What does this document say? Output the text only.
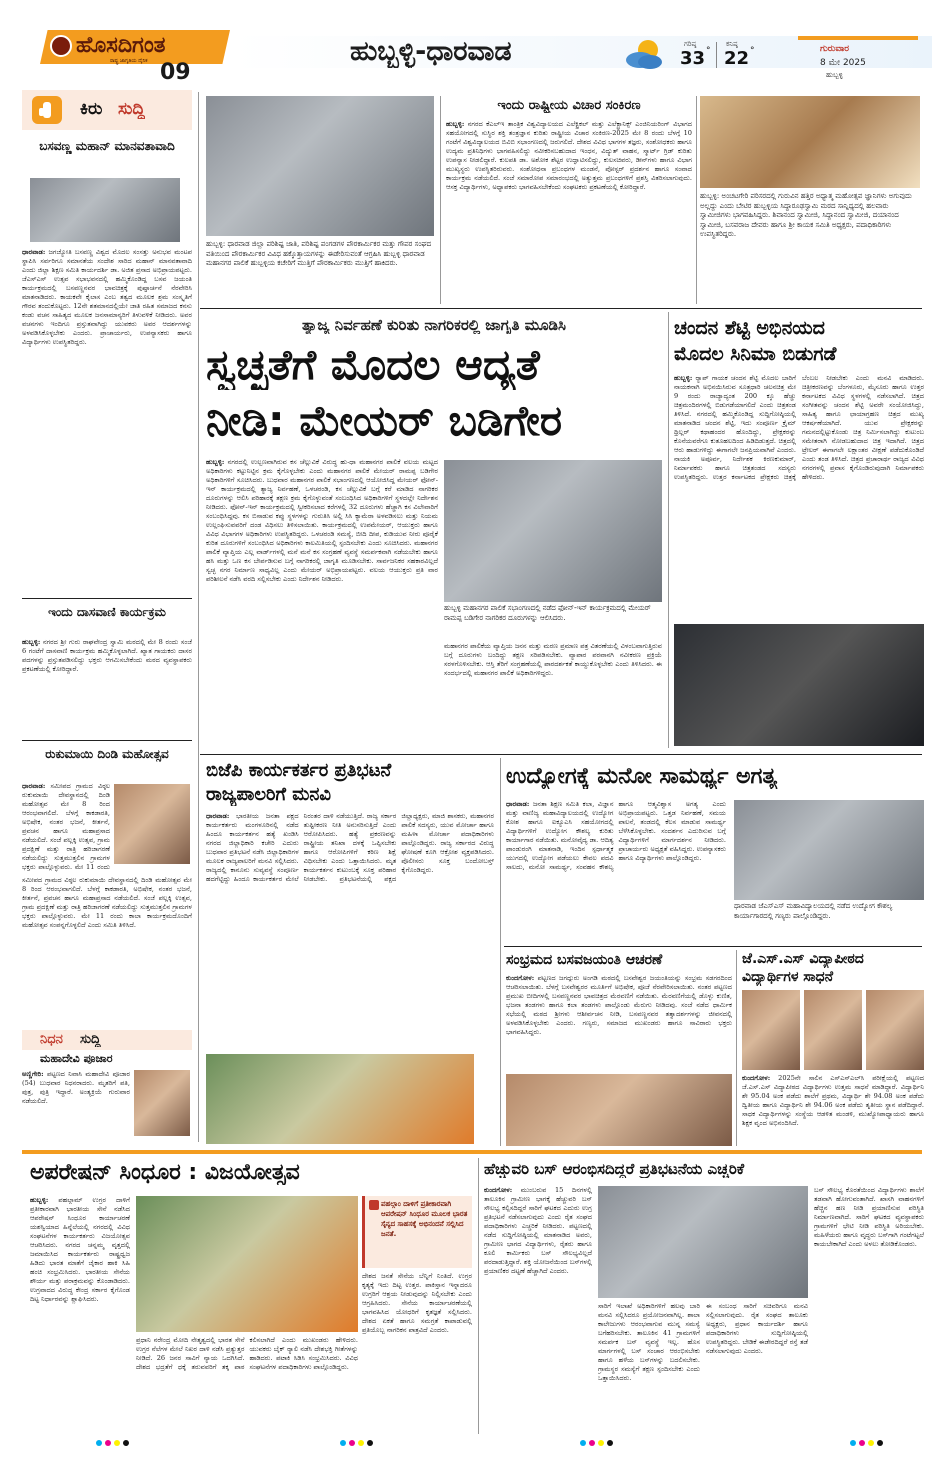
ಹೊಸದಿಗಂತ
ರಾಷ್ಟ್ರ ಜಾಗೃತಿಯ ದೈನಿಕ 09
ಹುಬ್ಬಳ್ಳಿ-ಧಾರವಾಡ	ಗರಿಷ್ಠ
33 °
ಕನಿಷ್ಠ
22 °	ಗುರುವಾರ
8 ಮೇ 2025
ಹುಬ್ಬಳ್ಳಿ
ಕಿರು ಸುದ್ದಿ
ಬಸವಣ್ಣ ಮಹಾನ್ ಮಾನವತಾವಾದಿ
ಧಾರವಾಡ: ಜಗಜ್ಯೋತಿ ಬಸವಣ್ಣ ವಿಶ್ವದ ಮೊದಲ ಸಂಸತ್ತು ಅನುಭವ ಮಂಟಪ ಸ್ಥಾಪಿಸಿ ಸರ್ವರಿಗೂ ಸಮಾನತೆಯ ಸಂದೇಶ ಸಾರಿದ ಮಹಾನ್ ಮಾನವತಾವಾದಿ ಎಂದು ಜಿಲ್ಲಾ ಶಿಕ್ಷಣ ಸಮಿತಿ ಕಾರ್ಯದರ್ಶಿ ಡಾ. ಅಜಿತ ಪ್ರಸಾದ ಅಭಿಪ್ರಾಯಪಟ್ಟರು. ಜೆಎಸ್ಎಸ್ ಉತ್ಸವ ಸಭಾಭವನದಲ್ಲಿ ಹಮ್ಮಿಕೊಂಡಿದ್ದ ಬಸವ ಜಯಂತಿ ಕಾರ್ಯಕ್ರಮದಲ್ಲಿ ಬಸವಣ್ಣನವರ ಭಾವಚಿತ್ರಕ್ಕೆ ಪುಷ್ಪಾರ್ಚನೆ ನೆರವೇರಿಸಿ ಮಾತನಾಡಿದರು. ಕಾಯಕವೇ ಕೈಲಾಸ ಎಂಬ ತತ್ವದ ಮೂಲಕ ಶ್ರಮ ಸಂಸ್ಕೃತಿಗೆ ಗೌರವ ತಂದುಕೊಟ್ಟರು. 12ನೇ ಶತಮಾನದಲ್ಲಿಯೇ ಜಾತಿ ರಹಿತ ಸಮಾಜದ ಕನಸು ಕಂಡು ವಚನ ಸಾಹಿತ್ಯದ ಮೂಲಕ ಜನಸಾಮಾನ್ಯರಿಗೆ ತಿಳುವಳಿಕೆ ನೀಡಿದರು. ಅವರ ವಚನಗಳು ಇಂದಿಗೂ ಪ್ರಸ್ತುತವಾಗಿದ್ದು ಯುವಕರು ಅವರ ಆದರ್ಶಗಳನ್ನು ಅಳವಡಿಸಿಕೊಳ್ಳಬೇಕು ಎಂದರು. ಪ್ರಾಚಾರ್ಯರು, ಉಪನ್ಯಾಸಕರು ಹಾಗೂ ವಿದ್ಯಾರ್ಥಿಗಳು ಉಪಸ್ಥಿತರಿದ್ದರು.
ಇಂದು ದಾಸವಾಣಿ ಕಾರ್ಯಕ್ರಮ
ಹುಬ್ಬಳ್ಳಿ: ನಗರದ ಶ್ರೀ ಗುರು ರಾಘವೇಂದ್ರ ಸ್ವಾಮಿ ಮಠದಲ್ಲಿ ಮೇ 8 ರಂದು ಸಂಜೆ 6 ಗಂಟೆಗೆ ದಾಸವಾಣಿ ಕಾರ್ಯಕ್ರಮ ಹಮ್ಮಿಕೊಳ್ಳಲಾಗಿದೆ. ಖ್ಯಾತ ಗಾಯಕರು ದಾಸರ ಪದಗಳನ್ನು ಪ್ರಸ್ತುತಪಡಿಸಲಿದ್ದು ಭಕ್ತರು ಆಗಮಿಸಬೇಕೆಂದು ಮಠದ ವ್ಯವಸ್ಥಾಪಕರು ಪ್ರಕಟಣೆಯಲ್ಲಿ ಕೋರಿದ್ದಾರೆ.
ರುಕುಮಾಯಿ ದಿಂಡಿ ಮಹೋತ್ಸವ
ಧಾರವಾಡ: ಸಮೀಪದ ಗ್ರಾಮದ ವಿಠ್ಠಲ ರುಕುಮಾಯಿ ದೇವಸ್ಥಾನದಲ್ಲಿ ದಿಂಡಿ ಮಹೋತ್ಸವ ಮೇ 8 ರಿಂದ ಆರಂಭವಾಗಲಿದೆ. ಬೆಳಗ್ಗೆ ಕಾಕಡಾರತಿ, ಅಭಿಷೇಕ, ನಂತರ ಭಜನೆ, ಕೀರ್ತನೆ, ಪ್ರವಚನ ಹಾಗೂ ಮಹಾಪ್ರಸಾದ ನಡೆಯಲಿದೆ. ಸಂಜೆ ಪಲ್ಲಕ್ಕಿ ಉತ್ಸವ, ಗ್ರಾಮ ಪ್ರದಕ್ಷಿಣೆ ಮತ್ತು ರಾತ್ರಿ ಹರಿಜಾಗರಣೆ ನಡೆಯಲಿದ್ದು ಸುತ್ತಮುತ್ತಲಿನ ಗ್ರಾಮಗಳ ಭಕ್ತರು ಪಾಲ್ಗೊಳ್ಳುವರು. ಮೇ 11 ರಂದು
ಸಮೀಪದ ಗ್ರಾಮದ ವಿಠ್ಠಲ ರುಕುಮಾಯಿ ದೇವಸ್ಥಾನದಲ್ಲಿ ದಿಂಡಿ ಮಹೋತ್ಸವ ಮೇ 8 ರಿಂದ ಆರಂಭವಾಗಲಿದೆ. ಬೆಳಗ್ಗೆ ಕಾಕಡಾರತಿ, ಅಭಿಷೇಕ, ನಂತರ ಭಜನೆ, ಕೀರ್ತನೆ, ಪ್ರವಚನ ಹಾಗೂ ಮಹಾಪ್ರಸಾದ ನಡೆಯಲಿದೆ. ಸಂಜೆ ಪಲ್ಲಕ್ಕಿ ಉತ್ಸವ, ಗ್ರಾಮ ಪ್ರದಕ್ಷಿಣೆ ಮತ್ತು ರಾತ್ರಿ ಹರಿಜಾಗರಣೆ ನಡೆಯಲಿದ್ದು ಸುತ್ತಮುತ್ತಲಿನ ಗ್ರಾಮಗಳ ಭಕ್ತರು ಪಾಲ್ಗೊಳ್ಳುವರು. ಮೇ 11 ರಂದು ಕಾಲಾ ಕಾರ್ಯಕ್ರಮದೊಂದಿಗೆ ಮಹೋತ್ಸವ ಸಂಪನ್ನಗೊಳ್ಳಲಿದೆ ಎಂದು ಸಮಿತಿ ತಿಳಿಸಿದೆ.
ನಿಧನ ಸುದ್ದಿ
ಮಹಾದೇವಿ ಪೂಜಾರ
ಅಣ್ಣಿಗೇರಿ: ಪಟ್ಟಣದ ನಿವಾಸಿ ಮಹಾದೇವಿ ಪೂಜಾರ (54) ಬುಧವಾರ ನಿಧನರಾದರು. ಮೃತರಿಗೆ ಪತಿ, ಪುತ್ರ, ಪುತ್ರಿ ಇದ್ದಾರೆ. ಅಂತ್ಯಕ್ರಿಯೆ ಗುರುವಾರ ನಡೆಯಲಿದೆ.
ಹುಬ್ಬಳ್ಳಿ: ಧಾರವಾಡ ಜಿಲ್ಲಾ ಪರಿಶಿಷ್ಟ ಜಾತಿ, ಪರಿಶಿಷ್ಟ ಪಂಗಡಗಳ ಪೌರಕಾರ್ಮಿಕರ ಮತ್ತು ಗೌಪರ ಸಂಘದ ವತಿಯಿಂದ ಪೌರಕಾರ್ಮಿಕರ ವಿವಿಧ ಹಕ್ಕೊತ್ತಾಯಗಳನ್ನು ಈಡೇರಿಸುವಂತೆ ಆಗ್ರಹಿಸಿ ಹುಬ್ಬಳ್ಳಿ ಧಾರವಾಡ ಮಹಾನಗರ ಪಾಲಿಕೆ ಹುಬ್ಬಳ್ಳಿಯ ಕಚೇರಿಗೆ ಮುತ್ತಿಗೆ ಪೌರಕಾರ್ಮಿಕರು ಮುತ್ತಿಗೆ ಹಾಕಿದರು.
ಇಂದು ರಾಷ್ಟ್ರೀಯ ವಿಚಾರ ಸಂಕಿರಣ
ಹುಬ್ಬಳ್ಳಿ: ನಗರದ ಕೆಎಲ್ಇ ತಾಂತ್ರಿಕ ವಿಶ್ವವಿದ್ಯಾಲಯದ ಎಲೆಕ್ಟ್ರಿಕಲ್ ಮತ್ತು ಎಲೆಕ್ಟ್ರಾನಿಕ್ಸ್ ಎಂಜಿನಿಯರಿಂಗ್ ವಿಭಾಗದ ಸಹಯೋಗದಲ್ಲಿ ಸುಸ್ಥಿರ ಶಕ್ತಿ ತಂತ್ರಜ್ಞಾನ ಕುರಿತು ರಾಷ್ಟ್ರೀಯ ವಿಚಾರ ಸಂಕಿರಣ-2025 ಮೇ 8 ರಂದು ಬೆಳಗ್ಗೆ 10 ಗಂಟೆಗೆ ವಿಶ್ವವಿದ್ಯಾಲಯದ ಬಿವಿಬಿ ಸಭಾಂಗಣದಲ್ಲಿ ಜರುಗಲಿದೆ. ದೇಶದ ವಿವಿಧ ಭಾಗಗಳ ತಜ್ಞರು, ಸಂಶೋಧಕರು ಹಾಗೂ ಉದ್ಯಮ ಪ್ರತಿನಿಧಿಗಳು ಭಾಗವಹಿಸಲಿದ್ದು ನವೀಕರಿಸಬಹುದಾದ ಇಂಧನ, ವಿದ್ಯುತ್ ವಾಹನ, ಸ್ಮಾರ್ಟ್ ಗ್ರಿಡ್ ಕುರಿತು ಉಪನ್ಯಾಸ ನೀಡಲಿದ್ದಾರೆ. ಕುಲಪತಿ ಡಾ. ಅಶೋಕ ಶೆಟ್ಟರ ಉದ್ಘಾಟಿಸಲಿದ್ದು, ಕುಲಸಚಿವರು, ಡೀನ್‌ಗಳು ಹಾಗೂ ವಿಭಾಗ ಮುಖ್ಯಸ್ಥರು ಉಪಸ್ಥಿತರಿರುವರು. ಸಂಶೋಧನಾ ಪ್ರಬಂಧಗಳ ಮಂಡನೆ, ಪೋಸ್ಟರ್ ಪ್ರದರ್ಶನ ಹಾಗೂ ಸಂವಾದ ಕಾರ್ಯಕ್ರಮ ನಡೆಯಲಿದೆ. ಸಂಜೆ ಸಮಾರೋಪ ಸಮಾರಂಭದಲ್ಲಿ ಅತ್ಯುತ್ತಮ ಪ್ರಬಂಧಗಳಿಗೆ ಪ್ರಶಸ್ತಿ ವಿತರಿಸಲಾಗುವುದು. ಆಸಕ್ತ ವಿದ್ಯಾರ್ಥಿಗಳು, ಅಧ್ಯಾಪಕರು ಭಾಗವಹಿಸಬೇಕೆಂದು ಸಂಘಟಕರು ಪ್ರಕಟಣೆಯಲ್ಲಿ ಕೋರಿದ್ದಾರೆ.
ಹುಬ್ಬಳ್ಳಿ: ಅಂಚಟಗೇರಿ ಪರಿಸರದಲ್ಲಿ ಗುರುವಿನ ಹತ್ತಿರ ಅಧ್ಯಾತ್ಮ ಮಹೋತ್ಸವ ಜ್ಞಾನಿಗಳು ಅಗುವುದು ಅಲ್ಲದ್ದು ಎಂದು ಬೇಟಿರ ಹುಬ್ಬಳ್ಳಿಯ ಸಿದ್ಧಾರೂಢಸ್ವಾಮಿ ಮಠದ ಸಾನ್ನಿಧ್ಯದಲ್ಲಿ ಹಲವಾರು ಸ್ವಾಮೀಜಿಗಳು ಭಾಗವಹಿಸಿದ್ದರು. ಶಿವಾನಂದ ಸ್ವಾಮೀಜಿ, ಸಿದ್ದಾನಂದ ಸ್ವಾಮೀಜಿ, ದಯಾನಂದ ಸ್ವಾಮೀಜಿ, ಬಸವರಾಜ ದೇವರು ಹಾಗೂ ಶ್ರೀ ಕಾಯಕ ಸಮಿತಿ ಅಧ್ಯಕ್ಷರು, ಪದಾಧಿಕಾರಿಗಳು ಉಪಸ್ಥಿತರಿದ್ದರು.
ತ್ಯಾಜ್ಯ ನಿರ್ವಹಣೆ ಕುರಿತು ನಾಗರಿಕರಲ್ಲಿ ಜಾಗೃತಿ ಮೂಡಿಸಿ
ಸ್ವಚ್ಛತೆಗೆ ಮೊದಲ ಆದ್ಯತೆ
ನೀಡಿ: ಮೇಯರ್ ಬಡಿಗೇರ
ಹುಬ್ಬಳ್ಳಿ: ನಗರದಲ್ಲಿ ಉಲ್ಬಣವಾಗಿರುವ ಕಸ ಚೆಲ್ಲುವಿಕೆ ವಿರುದ್ಧ ಹು-ಧಾ ಮಹಾನಗರ ಪಾಲಿಕೆ ವಲಯ ಮಟ್ಟದ ಅಧಿಕಾರಿಗಳು ಕಟ್ಟುನಿಟ್ಟಿನ ಕ್ರಮ ಕೈಗೊಳ್ಳಬೇಕು ಎಂದು ಮಹಾನಗರ ಪಾಲಿಕೆ ಮೇಯರ್ ರಾಮಪ್ಪ ಬಡಿಗೇರ ಅಧಿಕಾರಿಗಳಿಗೆ ಸೂಚಿಸಿದರು. ಬುಧವಾರ ಮಹಾನಗರ ಪಾಲಿಕೆ ಸಭಾಂಗಣದಲ್ಲಿ ಆಯೋಜಿಸಿದ್ದ ಮೇಯರ್ ಫೋನ್-ಇನ್ ಕಾರ್ಯಕ್ರಮದಲ್ಲಿ ತ್ಯಾಜ್ಯ ನಿರ್ವಹಣೆ, ಒಳಚರಂಡಿ, ಕಸ ಚೆಲ್ಲುವಿಕೆ ಬಗ್ಗೆ ಕರೆ ಮಾಡಿದ ನಾಗರಿಕರ ದೂರುಗಳನ್ನು ಆಲಿಸಿ ಪರಿಹಾರಕ್ಕೆ ತಕ್ಷಣ ಕ್ರಮ ಕೈಗೊಳ್ಳುವಂತೆ ಸಂಬಂಧಿಸಿದ ಅಧಿಕಾರಿಗಳಿಗೆ ಸ್ಥಳದಲ್ಲೇ ನಿರ್ದೇಶನ ನೀಡಿದರು. ಫೋನ್-ಇನ್ ಕಾರ್ಯಕ್ರಮದಲ್ಲಿ ಸ್ವೀಕರಿಸಲಾದ ಕರೆಗಳಲ್ಲಿ 32 ದೂರುಗಳು ಹೆಚ್ಚಾಗಿ ಕಸ ವಿಲೇವಾರಿಗೆ ಸಂಬಂಧಿಸಿದ್ದವು. ಕಸ ಬಿಸಾಡುವ ಕಪ್ಪು ಸ್ಥಳಗಳನ್ನು ಗುರುತಿಸಿ ಅಲ್ಲಿ ಸಿಸಿ ಕ್ಯಾಮೆರಾ ಅಳವಡಿಸಲು ಮತ್ತು ನಿಯಮ ಉಲ್ಲಂಘಿಸುವವರಿಗೆ ದಂಡ ವಿಧಿಸಲು ತಿಳಿಸಲಾಯಿತು. ಕಾರ್ಯಕ್ರಮದಲ್ಲಿ ಉಪಮೇಯರ್, ಆಯುಕ್ತರು ಹಾಗೂ ವಿವಿಧ ವಿಭಾಗಗಳ ಅಧಿಕಾರಿಗಳು ಉಪಸ್ಥಿತರಿದ್ದರು. ಒಳಚರಂಡಿ ಸಮಸ್ಯೆ, ಬೀದಿ ದೀಪ, ಕುಡಿಯುವ ನೀರು ಪೂರೈಕೆ ಕುರಿತ ದೂರುಗಳಿಗೆ ಸಂಬಂಧಿಸಿದ ಅಧಿಕಾರಿಗಳು ಕಾಲಮಿತಿಯಲ್ಲಿ ಸ್ಪಂದಿಸಬೇಕು ಎಂದು ಸೂಚಿಸಿದರು. ಮಹಾನಗರ ಪಾಲಿಕೆ ವ್ಯಾಪ್ತಿಯ ಎಲ್ಲ ವಾರ್ಡ್‌ಗಳಲ್ಲಿ ಮನೆ ಮನೆ ಕಸ ಸಂಗ್ರಹಣೆ ವ್ಯವಸ್ಥೆ ಸಮರ್ಪಕವಾಗಿ ನಡೆಯಬೇಕು ಹಾಗೂ ಹಸಿ ಮತ್ತು ಒಣ ಕಸ ಬೇರ್ಪಡಿಸುವ ಬಗ್ಗೆ ನಾಗರಿಕರಲ್ಲಿ ಜಾಗೃತಿ ಮೂಡಿಸಬೇಕು. ಸಾರ್ವಜನಿಕರ ಸಹಕಾರವಿಲ್ಲದೆ ಸ್ವಚ್ಛ ನಗರ ನಿರ್ಮಾಣ ಸಾಧ್ಯವಿಲ್ಲ ಎಂದು ಮೇಯರ್ ಅಭಿಪ್ರಾಯಪಟ್ಟರು. ವಲಯ ಆಯುಕ್ತರು ಪ್ರತಿ ವಾರ ಪರಿಶೀಲನೆ ನಡೆಸಿ ವರದಿ ಸಲ್ಲಿಸಬೇಕು ಎಂದು ನಿರ್ದೇಶನ ನೀಡಿದರು.
ಹುಬ್ಬಳ್ಳಿ ಮಹಾನಗರ ಪಾಲಿಕೆ ಸಭಾಂಗಣದಲ್ಲಿ ನಡೆದ ಫೋನ್-ಇನ್ ಕಾರ್ಯಕ್ರಮದಲ್ಲಿ ಮೇಯರ್ ರಾಮಪ್ಪ ಬಡಿಗೇರ ನಾಗರಿಕರ ದೂರುಗಳನ್ನು ಆಲಿಸಿದರು.
ಮಹಾನಗರ ಪಾಲಿಕೆಯ ವ್ಯಾಪ್ತಿಯ ಜನನ ಮತ್ತು ಮರಣ ಪ್ರಮಾಣ ಪತ್ರ ವಿತರಣೆಯಲ್ಲಿ ವಿಳಂಬವಾಗುತ್ತಿರುವ ಬಗ್ಗೆ ದೂರುಗಳು ಬಂದಿದ್ದು ತಕ್ಷಣ ಸರಿಪಡಿಸಬೇಕು. ವ್ಯಾಪಾರ ಪರವಾನಗಿ ನವೀಕರಣ ಪ್ರಕ್ರಿಯೆ ಸರಳಗೊಳಿಸಬೇಕು. ಆಸ್ತಿ ತೆರಿಗೆ ಸಂಗ್ರಹಣೆಯಲ್ಲಿ ಪಾರದರ್ಶಕತೆ ಕಾಯ್ದುಕೊಳ್ಳಬೇಕು ಎಂದು ತಿಳಿಸಿದರು. ಈ ಸಂದರ್ಭದಲ್ಲಿ ಮಹಾನಗರ ಪಾಲಿಕೆ ಅಧಿಕಾರಿಗಳಿದ್ದರು.
ಚಂದನ ಶೆಟ್ಟಿ ಅಭಿನಯದ
ಮೊದಲ ಸಿನಿಮಾ ಬಿಡುಗಡೆ
ಹುಬ್ಬಳ್ಳಿ: ರ‍್ಯಾಪ್ ಗಾಯಕ ಚಂದನ ಶೆಟ್ಟಿ ಮೊದಲ ಬಾರಿಗೆ ನಾಯಕನಾಗಿ ಅಭಿನಯಿಸಿರುವ ಸೂತ್ರಧಾರಿ ಚಲನಚಿತ್ರ ಮೇ 9 ರಂದು ರಾಜ್ಯಾದ್ಯಂತ 200 ಕ್ಕೂ ಹೆಚ್ಚು ಚಿತ್ರಮಂದಿರಗಳಲ್ಲಿ ಬಿಡುಗಡೆಯಾಗಲಿದೆ ಎಂದು ಚಿತ್ರತಂಡ ತಿಳಿಸಿದೆ. ನಗರದಲ್ಲಿ ಹಮ್ಮಿಕೊಂಡಿದ್ದ ಸುದ್ದಿಗೋಷ್ಠಿಯಲ್ಲಿ ಮಾತನಾಡಿದ ಚಂದನ ಶೆಟ್ಟಿ, ಇದು ಸಂಪೂರ್ಣ ಕ್ರೈಮ್ ಥ್ರಿಲ್ಲರ್ ಕಥಾಹಂದರ ಹೊಂದಿದ್ದು, ಪ್ರೇಕ್ಷಕರನ್ನು ಕೊನೆಯವರೆಗೂ ಕುತೂಹಲದಿಂದ ಹಿಡಿದಿಡುತ್ತದೆ. ಚಿತ್ರದಲ್ಲಿ ಆರು ಹಾಡುಗಳಿದ್ದು ಈಗಾಗಲೇ ಜನಪ್ರಿಯವಾಗಿವೆ ಎಂದರು. ನಾಯಕಿ ಅಪೂರ್ವ, ನಿರ್ದೇಶಕ ಕಿರಣಕುಮಾರ್, ನಿರ್ಮಾಪಕರು ಹಾಗೂ ಚಿತ್ರತಂಡದ ಸದಸ್ಯರು ಉಪಸ್ಥಿತರಿದ್ದರು. ಉತ್ತರ ಕರ್ನಾಟಕದ ಪ್ರೇಕ್ಷಕರು ಚಿತ್ರಕ್ಕೆ ಬೆಂಬಲ ನೀಡಬೇಕು ಎಂದು ಮನವಿ ಮಾಡಿದರು. ಚಿತ್ರೀಕರಣವನ್ನು ಬೆಂಗಳೂರು, ಮೈಸೂರು ಹಾಗೂ ಉತ್ತರ ಕರ್ನಾಟಕದ ವಿವಿಧ ಸ್ಥಳಗಳಲ್ಲಿ ನಡೆಸಲಾಗಿದೆ. ಚಿತ್ರದ ಸಂಗೀತವನ್ನು ಚಂದನ ಶೆಟ್ಟಿ ಅವರೇ ಸಂಯೋಜಿಸಿದ್ದು, ಸಾಹಿತ್ಯ ಹಾಗೂ ಛಾಯಾಗ್ರಹಣ ಚಿತ್ರದ ಮುಖ್ಯ ಆಕರ್ಷಣೆಯಾಗಿದೆ. ಯುವ ಪ್ರೇಕ್ಷಕರನ್ನು ಗಮನದಲ್ಲಿಟ್ಟುಕೊಂಡು ಚಿತ್ರ ನಿರ್ಮಿಸಲಾಗಿದ್ದು ಕುಟುಂಬ ಸಮೇತರಾಗಿ ನೋಡಬಹುದಾದ ಚಿತ್ರ ಇದಾಗಿದೆ. ಚಿತ್ರದ ಟ್ರೇಲರ್ ಈಗಾಗಲೇ ಲಕ್ಷಾಂತರ ವೀಕ್ಷಣೆ ಪಡೆದುಕೊಂಡಿದೆ ಎಂದು ತಂಡ ತಿಳಿಸಿದೆ. ಚಿತ್ರದ ಪ್ರಚಾರಾರ್ಥ ರಾಜ್ಯದ ವಿವಿಧ ನಗರಗಳಲ್ಲಿ ಪ್ರವಾಸ ಕೈಗೊಂಡಿರುವುದಾಗಿ ನಿರ್ಮಾಪಕರು ಹೇಳಿದರು.
ಬಿಜೆಪಿ ಕಾರ್ಯಕರ್ತರ ಪ್ರತಿಭಟನೆ
ರಾಜ್ಯಪಾಲರಿಗೆ ಮನವಿ
ಧಾರವಾಡ: ಭಾರತೀಯ ಜನತಾ ಪಕ್ಷದ ಕಾರ್ಯಕರ್ತರು ಮಂಗಳೂರಿನಲ್ಲಿ ನಡೆದ ಹಿಂದೂ ಕಾರ್ಯಕರ್ತನ ಹತ್ಯೆ ಖಂಡಿಸಿ ನಗರದ ಜಿಲ್ಲಾಧಿಕಾರಿ ಕಚೇರಿ ಎದುರು ಬುಧವಾರ ಪ್ರತಿಭಟನೆ ನಡೆಸಿ ಜಿಲ್ಲಾಧಿಕಾರಿಗಳ ಮೂಲಕ ರಾಜ್ಯಪಾಲರಿಗೆ ಮನವಿ ಸಲ್ಲಿಸಿದರು. ರಾಜ್ಯದಲ್ಲಿ ಕಾನೂನು ಸುವ್ಯವಸ್ಥೆ ಸಂಪೂರ್ಣ ಹದಗೆಟ್ಟಿದ್ದು ಹಿಂದೂ ಕಾರ್ಯಕರ್ತರ ಮೇಲೆ ನಿರಂತರ ದಾಳಿ ನಡೆಯುತ್ತಿದೆ. ರಾಜ್ಯ ಸರ್ಕಾರ ತುಷ್ಟೀಕರಣ ನೀತಿ ಅನುಸರಿಸುತ್ತಿದೆ ಎಂದು ಆರೋಪಿಸಿದರು. ಹತ್ಯೆ ಪ್ರಕರಣವನ್ನು ರಾಷ್ಟ್ರೀಯ ತನಿಖಾ ದಳಕ್ಕೆ ಒಪ್ಪಿಸಬೇಕು ಹಾಗೂ ಆರೋಪಿಗಳಿಗೆ ಕಠಿಣ ಶಿಕ್ಷೆ ವಿಧಿಸಬೇಕು ಎಂದು ಒತ್ತಾಯಿಸಿದರು. ಮೃತ ಕಾರ್ಯಕರ್ತನ ಕುಟುಂಬಕ್ಕೆ ಸೂಕ್ತ ಪರಿಹಾರ ನೀಡಬೇಕು. ಪ್ರತಿಭಟನೆಯಲ್ಲಿ ಪಕ್ಷದ ಜಿಲ್ಲಾಧ್ಯಕ್ಷರು, ಮಾಜಿ ಶಾಸಕರು, ಮಹಾನಗರ ಪಾಲಿಕೆ ಸದಸ್ಯರು, ಯುವ ಮೋರ್ಚಾ ಹಾಗೂ ಮಹಿಳಾ ಮೋರ್ಚಾ ಪದಾಧಿಕಾರಿಗಳು ಪಾಲ್ಗೊಂಡಿದ್ದರು. ರಾಜ್ಯ ಸರ್ಕಾರದ ವಿರುದ್ಧ ಘೋಷಣೆ ಕೂಗಿ ಆಕ್ರೋಶ ವ್ಯಕ್ತಪಡಿಸಿದರು. ಪೊಲೀಸರು ಸೂಕ್ತ ಬಂದೋಬಸ್ತ್ ಕೈಗೊಂಡಿದ್ದರು.
ಉದ್ಯೋಗಕ್ಕೆ ಮನೋ ಸಾಮರ್ಥ್ಯ ಅಗತ್ಯ
ಧಾರವಾಡ: ಜನತಾ ಶಿಕ್ಷಣ ಸಮಿತಿ ಕಲಾ, ವಿಜ್ಞಾನ ಮತ್ತು ವಾಣಿಜ್ಯ ಮಹಾವಿದ್ಯಾಲಯದಲ್ಲಿ ಉದ್ಯೋಗ ಕೋಶ ಹಾಗೂ ಐಕ್ಯೂಎಸಿ ಸಹಯೋಗದಲ್ಲಿ ವಿದ್ಯಾರ್ಥಿಗಳಿಗೆ ಉದ್ಯೋಗ ಕೌಶಲ್ಯ ಕುರಿತು ಕಾರ್ಯಾಗಾರ ನಡೆಯಿತು. ಮನೋವೈದ್ಯ ಡಾ. ಆದಿತ್ಯ ಪಾಂಡುರಂಗಿ ಮಾತನಾಡಿ, ಇಂದಿನ ಸ್ಪರ್ಧಾತ್ಮಕ ಯುಗದಲ್ಲಿ ಉದ್ಯೋಗ ಪಡೆಯಲು ಕೇವಲ ಪದವಿ ಸಾಲದು, ಮನೋ ಸಾಮರ್ಥ್ಯ, ಸಂವಹನ ಕೌಶಲ್ಯ ಹಾಗೂ ಆತ್ಮವಿಶ್ವಾಸ ಅಗತ್ಯ ಎಂದು ಅಭಿಪ್ರಾಯಪಟ್ಟರು. ಒತ್ತಡ ನಿರ್ವಹಣೆ, ಸಮಯ ಪಾಲನೆ, ತಂಡದಲ್ಲಿ ಕೆಲಸ ಮಾಡುವ ಸಾಮರ್ಥ್ಯ ಬೆಳೆಸಿಕೊಳ್ಳಬೇಕು. ಸಂದರ್ಶನ ಎದುರಿಸುವ ಬಗ್ಗೆ ವಿದ್ಯಾರ್ಥಿಗಳಿಗೆ ಮಾರ್ಗದರ್ಶನ ನೀಡಿದರು. ಪ್ರಾಚಾರ್ಯರು ಅಧ್ಯಕ್ಷತೆ ವಹಿಸಿದ್ದರು. ಉಪನ್ಯಾಸಕರು ಹಾಗೂ ವಿದ್ಯಾರ್ಥಿಗಳು ಪಾಲ್ಗೊಂಡಿದ್ದರು.
ಧಾರವಾಡ ಜೆಎಸ್ಎಸ್ ಮಹಾವಿದ್ಯಾಲಯದಲ್ಲಿ ನಡೆದ ಉದ್ಯೋಗ ಕೌಶಲ್ಯ ಕಾರ್ಯಾಗಾರದಲ್ಲಿ ಗಣ್ಯರು ಪಾಲ್ಗೊಂಡಿದ್ದರು.
ಸಂಭ್ರಮದ ಬಸವಜಯಂತಿ ಆಚರಣೆ
ಕುಂದಗೋಳ: ಪಟ್ಟಣದ ಜಗದ್ಗುರು ಅಂಗಡಿ ಮಠದಲ್ಲಿ ಬಸವೇಶ್ವರ ಜಯಂತಿಯನ್ನು ಸಂಭ್ರಮ ಸಡಗರದಿಂದ ಆಚರಿಸಲಾಯಿತು. ಬೆಳಗ್ಗೆ ಬಸವೇಶ್ವರರ ಮೂರ್ತಿಗೆ ಅಭಿಷೇಕ, ಪೂಜೆ ನೆರವೇರಿಸಲಾಯಿತು. ನಂತರ ಪಟ್ಟಣದ ಪ್ರಮುಖ ಬೀದಿಗಳಲ್ಲಿ ಬಸವಣ್ಣನವರ ಭಾವಚಿತ್ರದ ಮೆರವಣಿಗೆ ನಡೆಯಿತು. ಮೆರವಣಿಗೆಯಲ್ಲಿ ಡೊಳ್ಳು ಕುಣಿತ, ಭಜನಾ ತಂಡಗಳು ಹಾಗೂ ಕಲಾ ತಂಡಗಳು ಪಾಲ್ಗೊಂಡು ಮೆರುಗು ನೀಡಿದವು. ಸಂಜೆ ನಡೆದ ಧಾರ್ಮಿಕ ಸಭೆಯಲ್ಲಿ ಮಠದ ಶ್ರೀಗಳು ಆಶೀರ್ವಚನ ನೀಡಿ, ಬಸವಣ್ಣನವರ ತತ್ವಾದರ್ಶಗಳನ್ನು ಜೀವನದಲ್ಲಿ ಅಳವಡಿಸಿಕೊಳ್ಳಬೇಕು ಎಂದರು. ಗಣ್ಯರು, ಸಮಾಜದ ಮುಖಂಡರು ಹಾಗೂ ಸಾವಿರಾರು ಭಕ್ತರು ಭಾಗವಹಿಸಿದ್ದರು.
ಜೆ.ಎಸ್.ಎಸ್ ವಿದ್ಯಾಪೀಠದ
ವಿದ್ಯಾರ್ಥಿಗಳ ಸಾಧನೆ
ಕುಂದಗೋಳ: 2025ನೇ ಸಾಲಿನ ಎಸ್ಎಸ್ಎಲ್‌ಸಿ ಪರೀಕ್ಷೆಯಲ್ಲಿ ಪಟ್ಟಣದ ಜೆ.ಎಸ್.ಎಸ್ ವಿದ್ಯಾಪೀಠದ ವಿದ್ಯಾರ್ಥಿಗಳು ಉತ್ತಮ ಸಾಧನೆ ಮಾಡಿದ್ದಾರೆ. ವಿದ್ಯಾರ್ಥಿನಿ ಶೇ 95.04 ಅಂಕ ಪಡೆದು ಶಾಲೆಗೆ ಪ್ರಥಮ, ವಿದ್ಯಾರ್ಥಿ ಶೇ 94.08 ಅಂಕ ಪಡೆದು ದ್ವಿತೀಯ ಹಾಗೂ ವಿದ್ಯಾರ್ಥಿನಿ ಶೇ 94.06 ಅಂಕ ಪಡೆದು ತೃತೀಯ ಸ್ಥಾನ ಪಡೆದಿದ್ದಾರೆ. ಸಾಧಕ ವಿದ್ಯಾರ್ಥಿಗಳನ್ನು ಸಂಸ್ಥೆಯ ಆಡಳಿತ ಮಂಡಳಿ, ಮುಖ್ಯೋಪಾಧ್ಯಾಯರು ಹಾಗೂ ಶಿಕ್ಷಕ ವೃಂದ ಅಭಿನಂದಿಸಿದೆ.
ಅಪರೇಷನ್ ಸಿಂಧೂರ : ವಿಜಯೋತ್ಸವ
ಹುಬ್ಬಳ್ಳಿ: ಪಹಲ್ಗಾಮ್ ಉಗ್ರರ ದಾಳಿಗೆ ಪ್ರತೀಕಾರವಾಗಿ ಭಾರತೀಯ ಸೇನೆ ನಡೆಸಿದ ಆಪರೇಷನ್ ಸಿಂಧೂರ ಕಾರ್ಯಾಚರಣೆ ಯಶಸ್ವಿಯಾದ ಹಿನ್ನೆಲೆಯಲ್ಲಿ ನಗರದಲ್ಲಿ ವಿವಿಧ ಸಂಘಟನೆಗಳ ಕಾರ್ಯಕರ್ತರು ವಿಜಯೋತ್ಸವ ಆಚರಿಸಿದರು. ನಗರದ ಚನ್ನಮ್ಮ ವೃತ್ತದಲ್ಲಿ ಜಮಾಯಿಸಿದ ಕಾರ್ಯಕರ್ತರು ರಾಷ್ಟ್ರಧ್ವಜ ಹಿಡಿದು ಭಾರತ ಮಾತೆಗೆ ಜೈಕಾರ ಹಾಕಿ ಸಿಹಿ ಹಂಚಿ ಸಂಭ್ರಮಿಸಿದರು. ಭಾರತೀಯ ಸೇನೆಯ ಶೌರ್ಯ ಮತ್ತು ಪರಾಕ್ರಮವನ್ನು ಕೊಂಡಾಡಿದರು. ಉಗ್ರವಾದದ ವಿರುದ್ಧ ಕೇಂದ್ರ ಸರ್ಕಾರ ಕೈಗೊಂಡ ದಿಟ್ಟ ನಿರ್ಧಾರವನ್ನು ಶ್ಲಾಘಿಸಿದರು.
ಪ್ರಧಾನಿ ನರೇಂದ್ರ ಮೋದಿ ನೇತೃತ್ವದಲ್ಲಿ ಭಾರತ ಸೇನೆ ಉಗ್ರರ ನೆಲೆಗಳ ಮೇಲೆ ನಿಖರ ದಾಳಿ ನಡೆಸಿ ಪ್ರತ್ಯುತ್ತರ ನೀಡಿದೆ. 26 ಜನರ ಸಾವಿಗೆ ನ್ಯಾಯ ಒದಗಿಸಿದೆ. ದೇಶದ ಭದ್ರತೆಗೆ ಧಕ್ಕೆ ತರುವವರಿಗೆ ತಕ್ಕ ಪಾಠ ಕಲಿಸಲಾಗಿದೆ ಎಂದು ಮುಖಂಡರು ಹೇಳಿದರು. ಯುವಕರು ಬೈಕ್ ರ‍್ಯಾಲಿ ನಡೆಸಿ ದೇಶಭಕ್ತಿ ಗೀತೆಗಳನ್ನು ಹಾಡಿದರು. ಪಟಾಕಿ ಸಿಡಿಸಿ ಸಂಭ್ರಮಿಸಿದರು. ವಿವಿಧ ಸಂಘಟನೆಗಳ ಪದಾಧಿಕಾರಿಗಳು ಪಾಲ್ಗೊಂಡಿದ್ದರು.
ಪಹಲ್ಗಾಂ ದಾಳಿಗೆ ಪ್ರತೀಕಾರವಾಗಿ ಆಪರೇಷನ್ ಸಿಂಧೂರ ಮೂಲಕ ಭಾರತ ಸೈನ್ಯದ ಸಾಹಸಕ್ಕೆ ಅಭಿನಂದನೆ ಸಲ್ಲಿಸಿದ ಜನತೆ.
ದೇಶದ ಜನತೆ ಸೇನೆಯ ಬೆನ್ನಿಗೆ ನಿಂತಿದೆ. ಉಗ್ರರ ಕೃತ್ಯಕ್ಕೆ ಇದು ದಿಟ್ಟ ಉತ್ತರ. ಪಾಕಿಸ್ತಾನ ಇನ್ನಾದರೂ ಉಗ್ರರಿಗೆ ಆಶ್ರಯ ನೀಡುವುದನ್ನು ನಿಲ್ಲಿಸಬೇಕು ಎಂದು ಆಗ್ರಹಿಸಿದರು. ಸೇನೆಯ ಕಾರ್ಯಾಚರಣೆಯಲ್ಲಿ ಭಾಗವಹಿಸಿದ ಯೋಧರಿಗೆ ಕೃತಜ್ಞತೆ ಸಲ್ಲಿಸಿದರು. ದೇಶದ ಏಕತೆ ಹಾಗೂ ಸಮಗ್ರತೆ ಕಾಪಾಡುವಲ್ಲಿ ಪ್ರತಿಯೊಬ್ಬ ನಾಗರಿಕನ ಪಾತ್ರವಿದೆ ಎಂದರು.
ಹೆಚ್ಚುವರಿ ಬಸ್ ಆರಂಭಿಸದಿದ್ದರೆ ಪ್ರತಿಭಟನೆಯ ಎಚ್ಚರಿಕೆ
ಕುಂದಗೋಳ: ಮುಂಬರುವ 15 ದಿನಗಳಲ್ಲಿ ತಾಲೂಕಿನ ಗ್ರಾಮೀಣ ಭಾಗಕ್ಕೆ ಹೆಚ್ಚುವರಿ ಬಸ್ ಸೌಲಭ್ಯ ಕಲ್ಪಿಸದಿದ್ದರೆ ಸಾರಿಗೆ ಘಟಕದ ಎದುರು ಉಗ್ರ ಪ್ರತಿಭಟನೆ ನಡೆಸಲಾಗುವುದು ಎಂದು ರೈತ ಸಂಘದ ಪದಾಧಿಕಾರಿಗಳು ಎಚ್ಚರಿಕೆ ನೀಡಿದರು. ಪಟ್ಟಣದಲ್ಲಿ ನಡೆದ ಸುದ್ದಿಗೋಷ್ಠಿಯಲ್ಲಿ ಮಾತನಾಡಿದ ಅವರು, ಗ್ರಾಮೀಣ ಭಾಗದ ವಿದ್ಯಾರ್ಥಿಗಳು, ರೈತರು ಹಾಗೂ ಕೂಲಿ ಕಾರ್ಮಿಕರು ಬಸ್ ಸೌಲಭ್ಯವಿಲ್ಲದೆ ಪರದಾಡುತ್ತಿದ್ದಾರೆ. ಶಕ್ತಿ ಯೋಜನೆಯಿಂದ ಬಸ್‌ಗಳಲ್ಲಿ ಪ್ರಯಾಣಿಕರ ದಟ್ಟಣೆ ಹೆಚ್ಚಾಗಿದೆ ಎಂದರು.
ಸಾರಿಗೆ ಇಲಾಖೆ ಅಧಿಕಾರಿಗಳಿಗೆ ಹಲವು ಬಾರಿ ಮನವಿ ಸಲ್ಲಿಸಿದರೂ ಪ್ರಯೋಜನವಾಗಿಲ್ಲ. ಶಾಲಾ ಕಾಲೇಜುಗಳು ಆರಂಭವಾಗುವ ಮುನ್ನ ಸಮಸ್ಯೆ ಬಗೆಹರಿಸಬೇಕು. ತಾಲೂಕಿನ 41 ಗ್ರಾಮಗಳಿಗೆ ಸಮರ್ಪಕ ಬಸ್ ವ್ಯವಸ್ಥೆ ಇಲ್ಲ. ಹೊಸ ಮಾರ್ಗಗಳಲ್ಲಿ ಬಸ್ ಸಂಚಾರ ಆರಂಭಿಸಬೇಕು ಹಾಗೂ ಹಳೆಯ ಬಸ್‌ಗಳನ್ನು ಬದಲಿಸಬೇಕು. ಗ್ರಾಮಸ್ಥರ ಸಮಸ್ಯೆಗೆ ತಕ್ಷಣ ಸ್ಪಂದಿಸಬೇಕು ಎಂದು ಒತ್ತಾಯಿಸಿದರು.
ಈ ಸಂಬಂಧ ಸಾರಿಗೆ ಸಚಿವರಿಗೂ ಮನವಿ ಸಲ್ಲಿಸಲಾಗುವುದು. ರೈತ ಸಂಘದ ತಾಲೂಕು ಅಧ್ಯಕ್ಷರು, ಪ್ರಧಾನ ಕಾರ್ಯದರ್ಶಿ ಹಾಗೂ ಪದಾಧಿಕಾರಿಗಳು ಸುದ್ದಿಗೋಷ್ಠಿಯಲ್ಲಿ ಉಪಸ್ಥಿತರಿದ್ದರು. ಬೇಡಿಕೆ ಈಡೇರದಿದ್ದರೆ ರಸ್ತೆ ತಡೆ ನಡೆಸಲಾಗುವುದು ಎಂದರು.
ಬಸ್ ಸೌಲಭ್ಯ ಕೊರತೆಯಿಂದ ವಿದ್ಯಾರ್ಥಿಗಳು ಶಾಲೆಗೆ ತಡವಾಗಿ ಹೋಗುವಂತಾಗಿದೆ. ಖಾಸಗಿ ವಾಹನಗಳಿಗೆ ಹೆಚ್ಚಿನ ಹಣ ನೀಡಿ ಪ್ರಯಾಣಿಸುವ ಪರಿಸ್ಥಿತಿ ನಿರ್ಮಾಣವಾಗಿದೆ. ಸಾರಿಗೆ ಘಟಕದ ವ್ಯವಸ್ಥಾಪಕರು ಗ್ರಾಮಗಳಿಗೆ ಭೇಟಿ ನೀಡಿ ಪರಿಸ್ಥಿತಿ ಅರಿಯಬೇಕು. ಮಹಿಳೆಯರು ಹಾಗೂ ವೃದ್ಧರು ಬಸ್‌ಗಾಗಿ ಗಂಟೆಗಟ್ಟಲೆ ಕಾಯಬೇಕಾಗಿದೆ ಎಂದು ಅಳಲು ತೋಡಿಕೊಂಡರು.
